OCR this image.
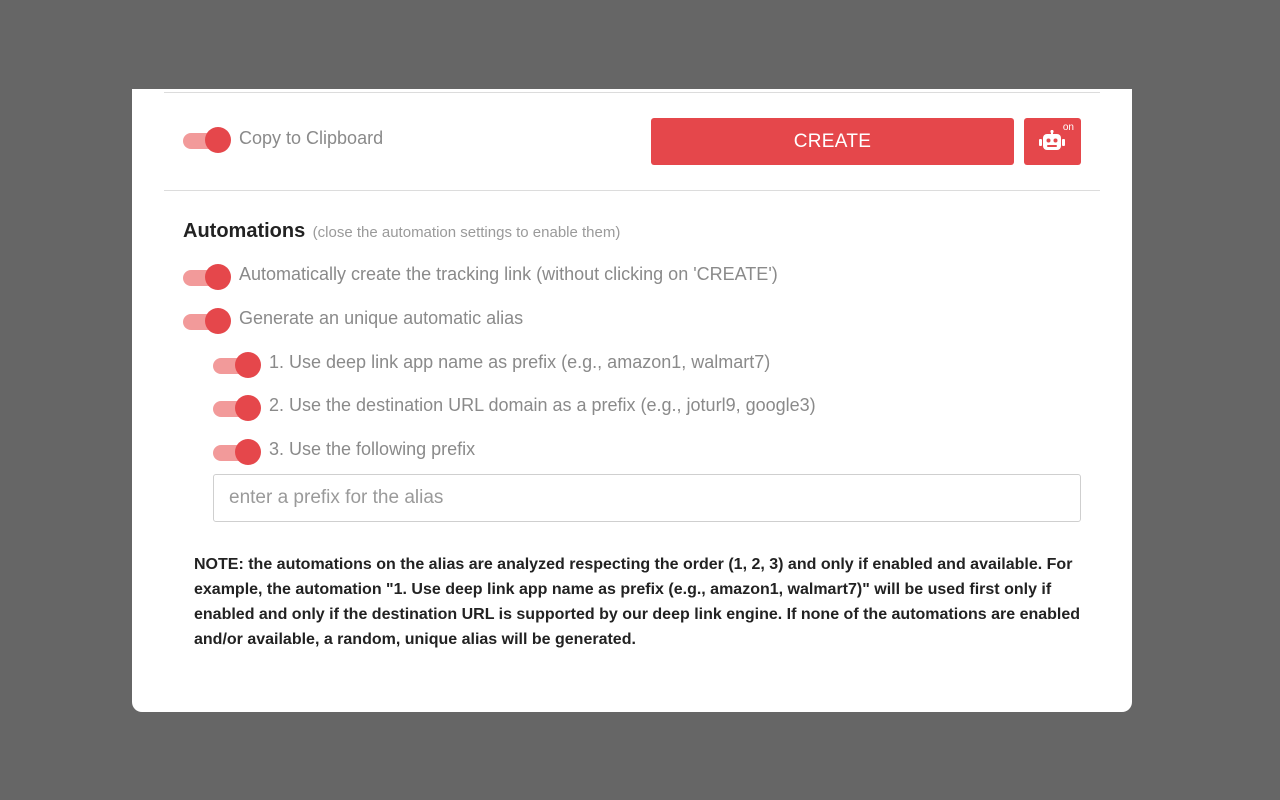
Copy to Clipboard	CREATE
on
Automations (close the automation settings to enable them)
Automatically create the tracking link (without clicking on 'CREATE')
Generate an unique automatic alias
1. Use deep link app name as prefix (e.g., amazon1, walmart7)
2. Use the destination URL domain as a prefix (e.g., joturl9, google3)
3. Use the following prefix
enter a prefix for the alias
NOTE: the automations on the alias are analyzed respecting the order (1, 2, 3) and only if enabled and available. For example, the automation "1. Use deep link app name as prefix (e.g., amazon1, walmart7)" will be used first only if enabled and only if the destination URL is supported by our deep link engine. If none of the automations are enabled and/or available, a random, unique alias will be generated.
